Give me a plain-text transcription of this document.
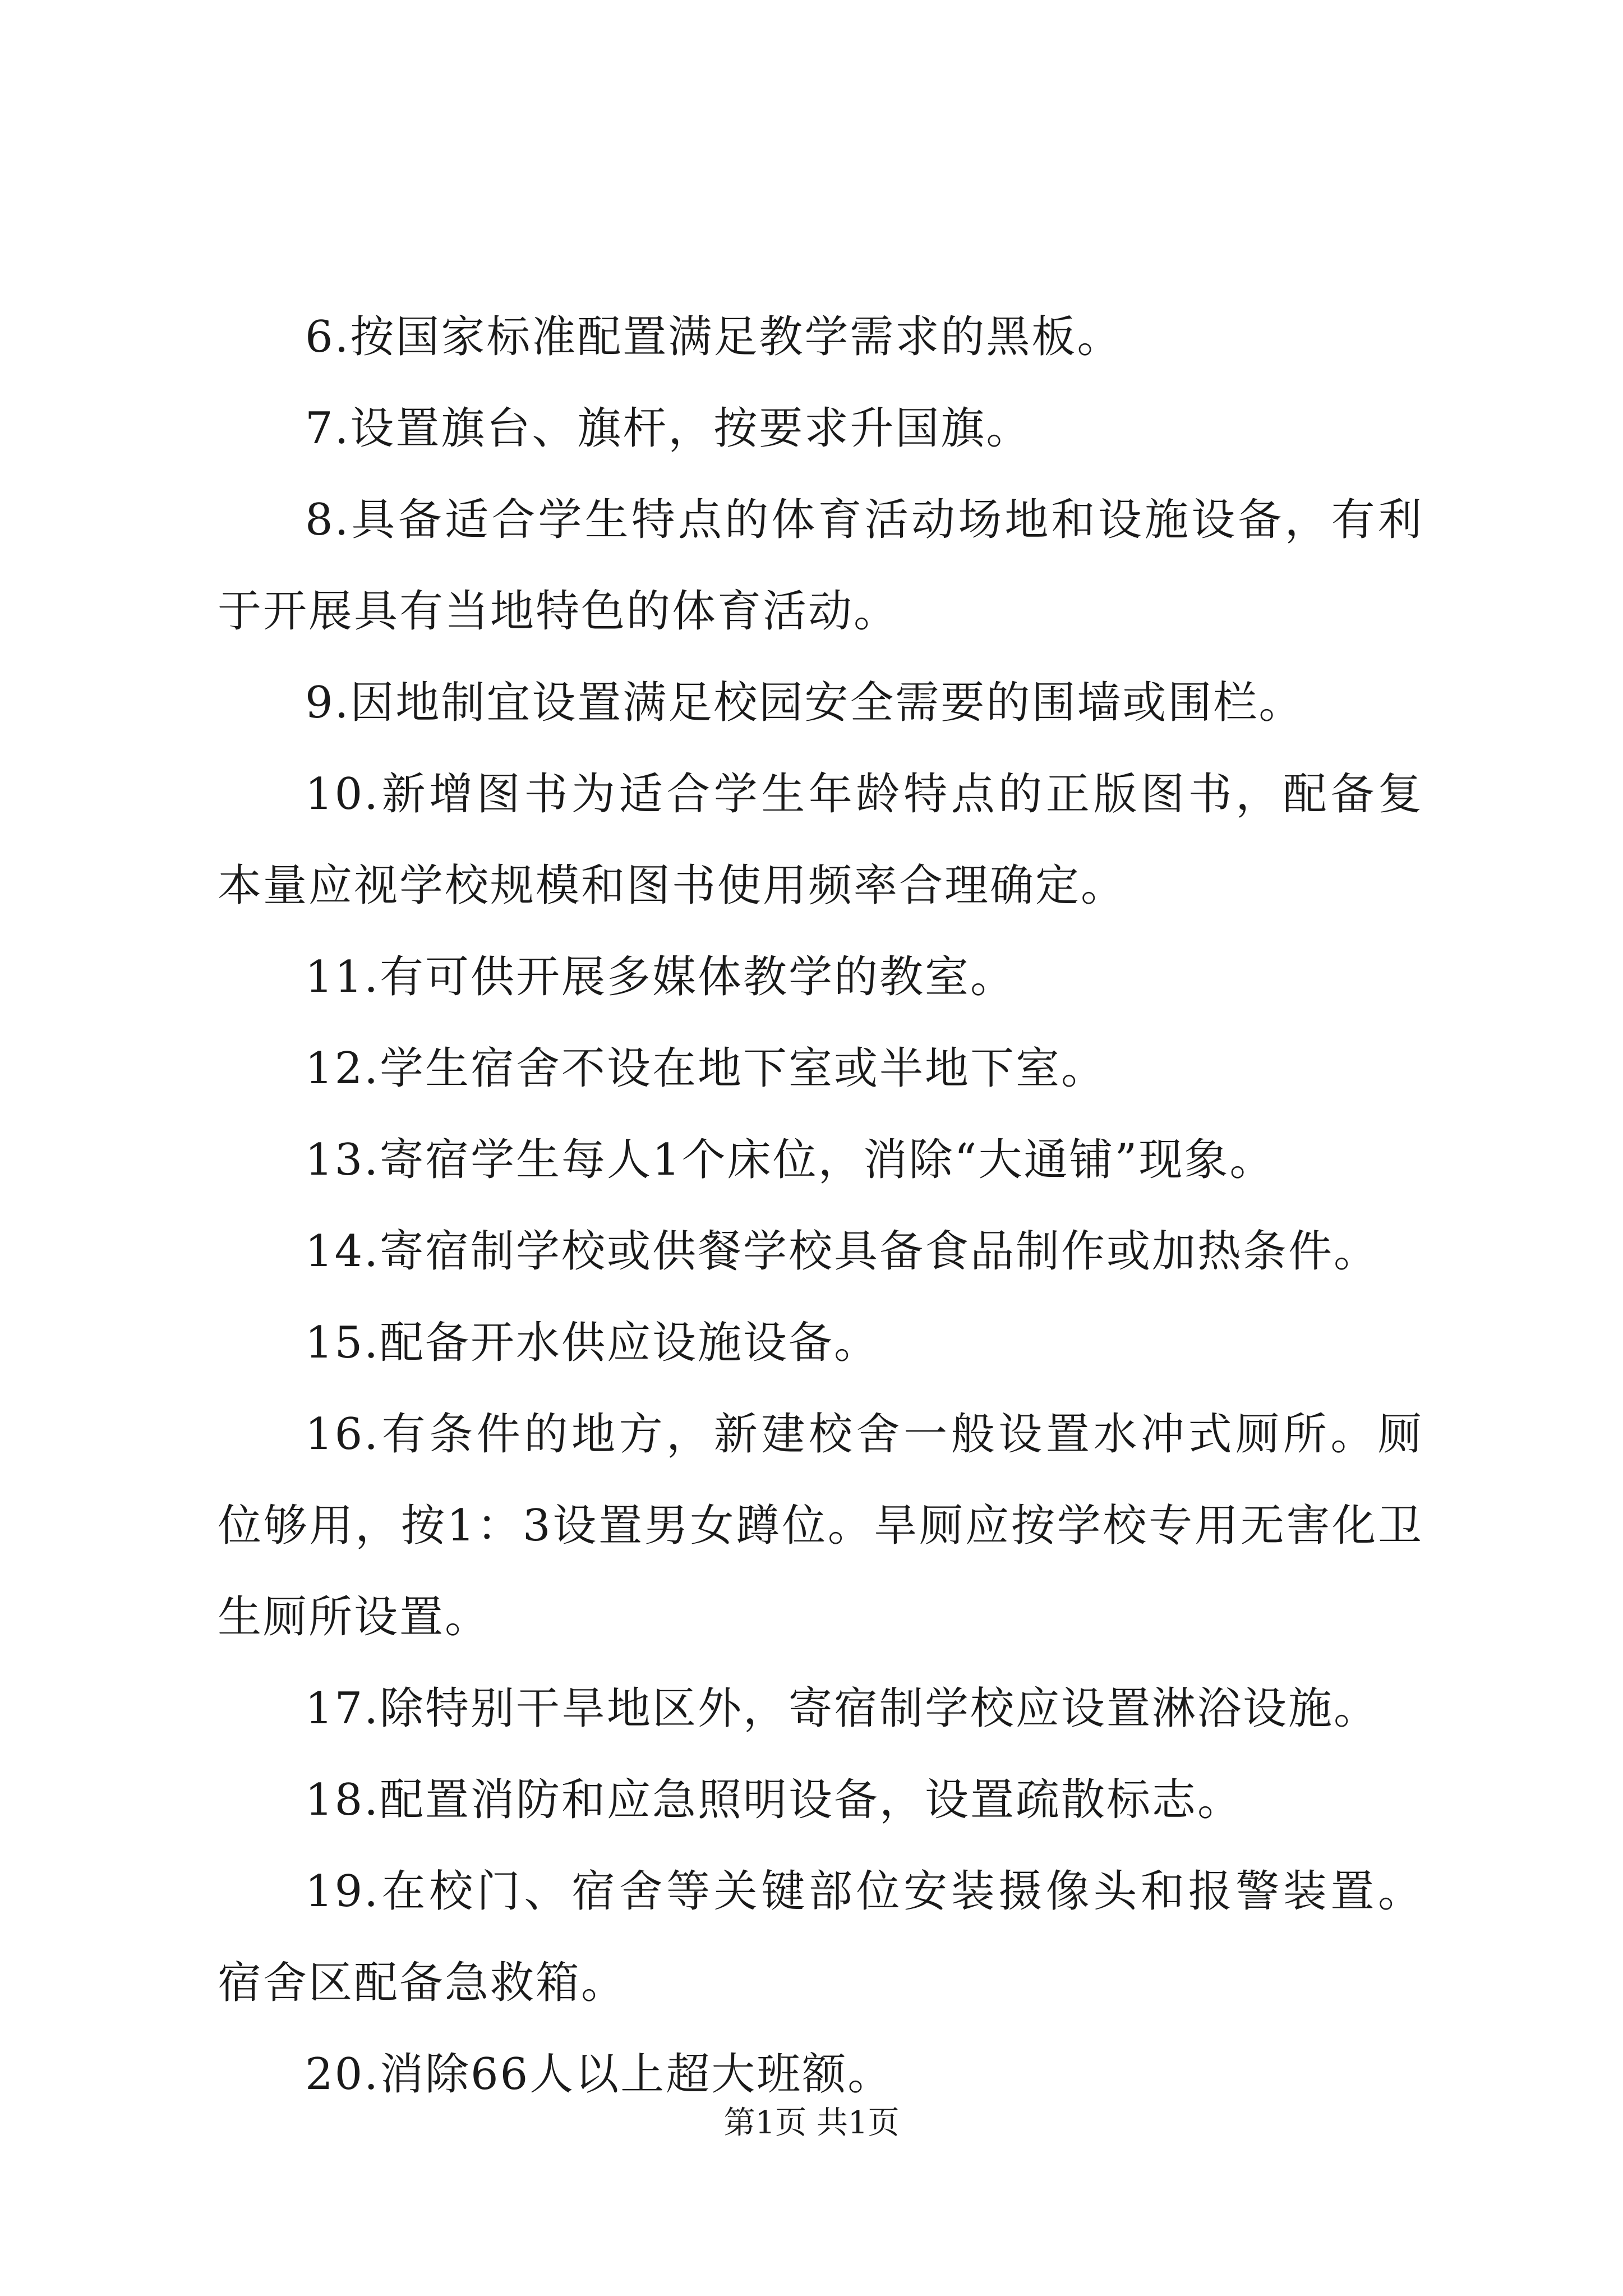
6.按国家标准配置满足教学需求的黑板。

7.设置旗台、旗杆，按要求升国旗。

8.具备适合学生特点的体育活动场地和设施设备，有利于开展具有当地特色的体育活动。

9.因地制宜设置满足校园安全需要的围墙或围栏。

10.新增图书为适合学生年龄特点的正版图书，配备复本量应视学校规模和图书使用频率合理确定。

11.有可供开展多媒体教学的教室。

12.学生宿舍不设在地下室或半地下室。

13.寄宿学生每人1个床位，消除“大通铺”现象。

14.寄宿制学校或供餐学校具备食品制作或加热条件。

15.配备开水供应设施设备。

16.有条件的地方，新建校舍一般设置水冲式厕所。厕位够用，按1：3设置男女蹲位。旱厕应按学校专用无害化卫生厕所设置。

17.除特别干旱地区外，寄宿制学校应设置淋浴设施。

18.配置消防和应急照明设备，设置疏散标志。

19.在校门、宿舍等关键部位安装摄像头和报警装置。宿舍区配备急救箱。

20.消除66人以上超大班额。

第1页 共1页
